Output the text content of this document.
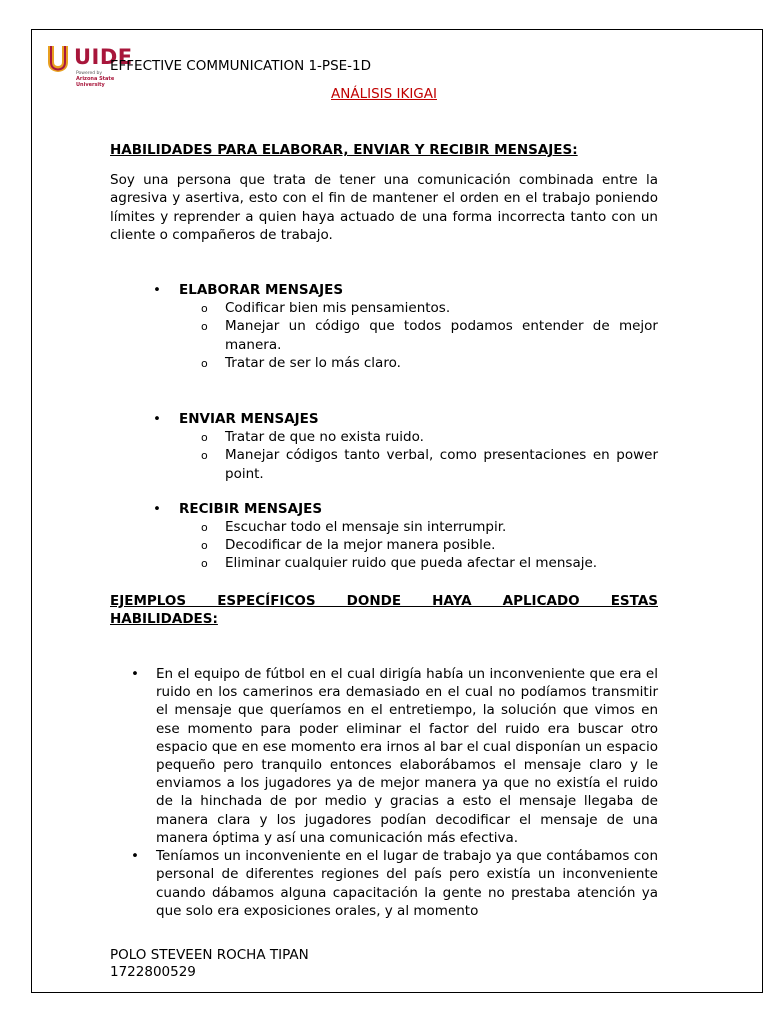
UIDE
Powered by
Arizona State University
EFFECTIVE COMMUNICATION 1-PSE-1D
ANÁLISIS IKIGAI

HABILIDADES PARA ELABORAR, ENVIAR Y RECIBIR MENSAJES:

Soy una persona que trata de tener una comunicación combinada entre la agresiva y asertiva, esto con el fin de mantener el orden en el trabajo poniendo límites y reprender a quien haya actuado de una forma incorrecta tanto con un cliente o compañeros de trabajo.

• ELABORAR MENSAJES
o Codificar bien mis pensamientos.
o Manejar un código que todos podamos entender de mejor manera.
o Tratar de ser lo más claro.
• ENVIAR MENSAJES
o Tratar de que no exista ruido.
o Manejar códigos tanto verbal, como presentaciones en power point.
• RECIBIR MENSAJES
o Escuchar todo el mensaje sin interrumpir.
o Decodificar de la mejor manera posible.
o Eliminar cualquier ruido que pueda afectar el mensaje.

EJEMPLOS ESPECÍFICOS DONDE HAYA APLICADO ESTAS

HABILIDADES:

• En el equipo de fútbol en el cual dirigía había un inconveniente que era el ruido en los camerinos era demasiado en el cual no podíamos transmitir el mensaje que queríamos en el entretiempo, la solución que vimos en ese momento para poder eliminar el factor del ruido era buscar otro espacio que en ese momento era irnos al bar el cual disponían un espacio pequeño pero tranquilo entonces elaborábamos el mensaje claro y le enviamos a los jugadores ya de mejor manera ya que no existía el ruido de la hinchada de por medio y gracias a esto el mensaje llegaba de manera clara y los jugadores podían decodificar el mensaje de una manera óptima y así una comunicación más efectiva.
• Teníamos un inconveniente en el lugar de trabajo ya que contábamos con personal de diferentes regiones del país pero existía un inconveniente cuando dábamos alguna capacitación la gente no prestaba atención ya que solo era exposiciones orales, y al momento
POLO STEVEEN ROCHA TIPAN
1722800529
